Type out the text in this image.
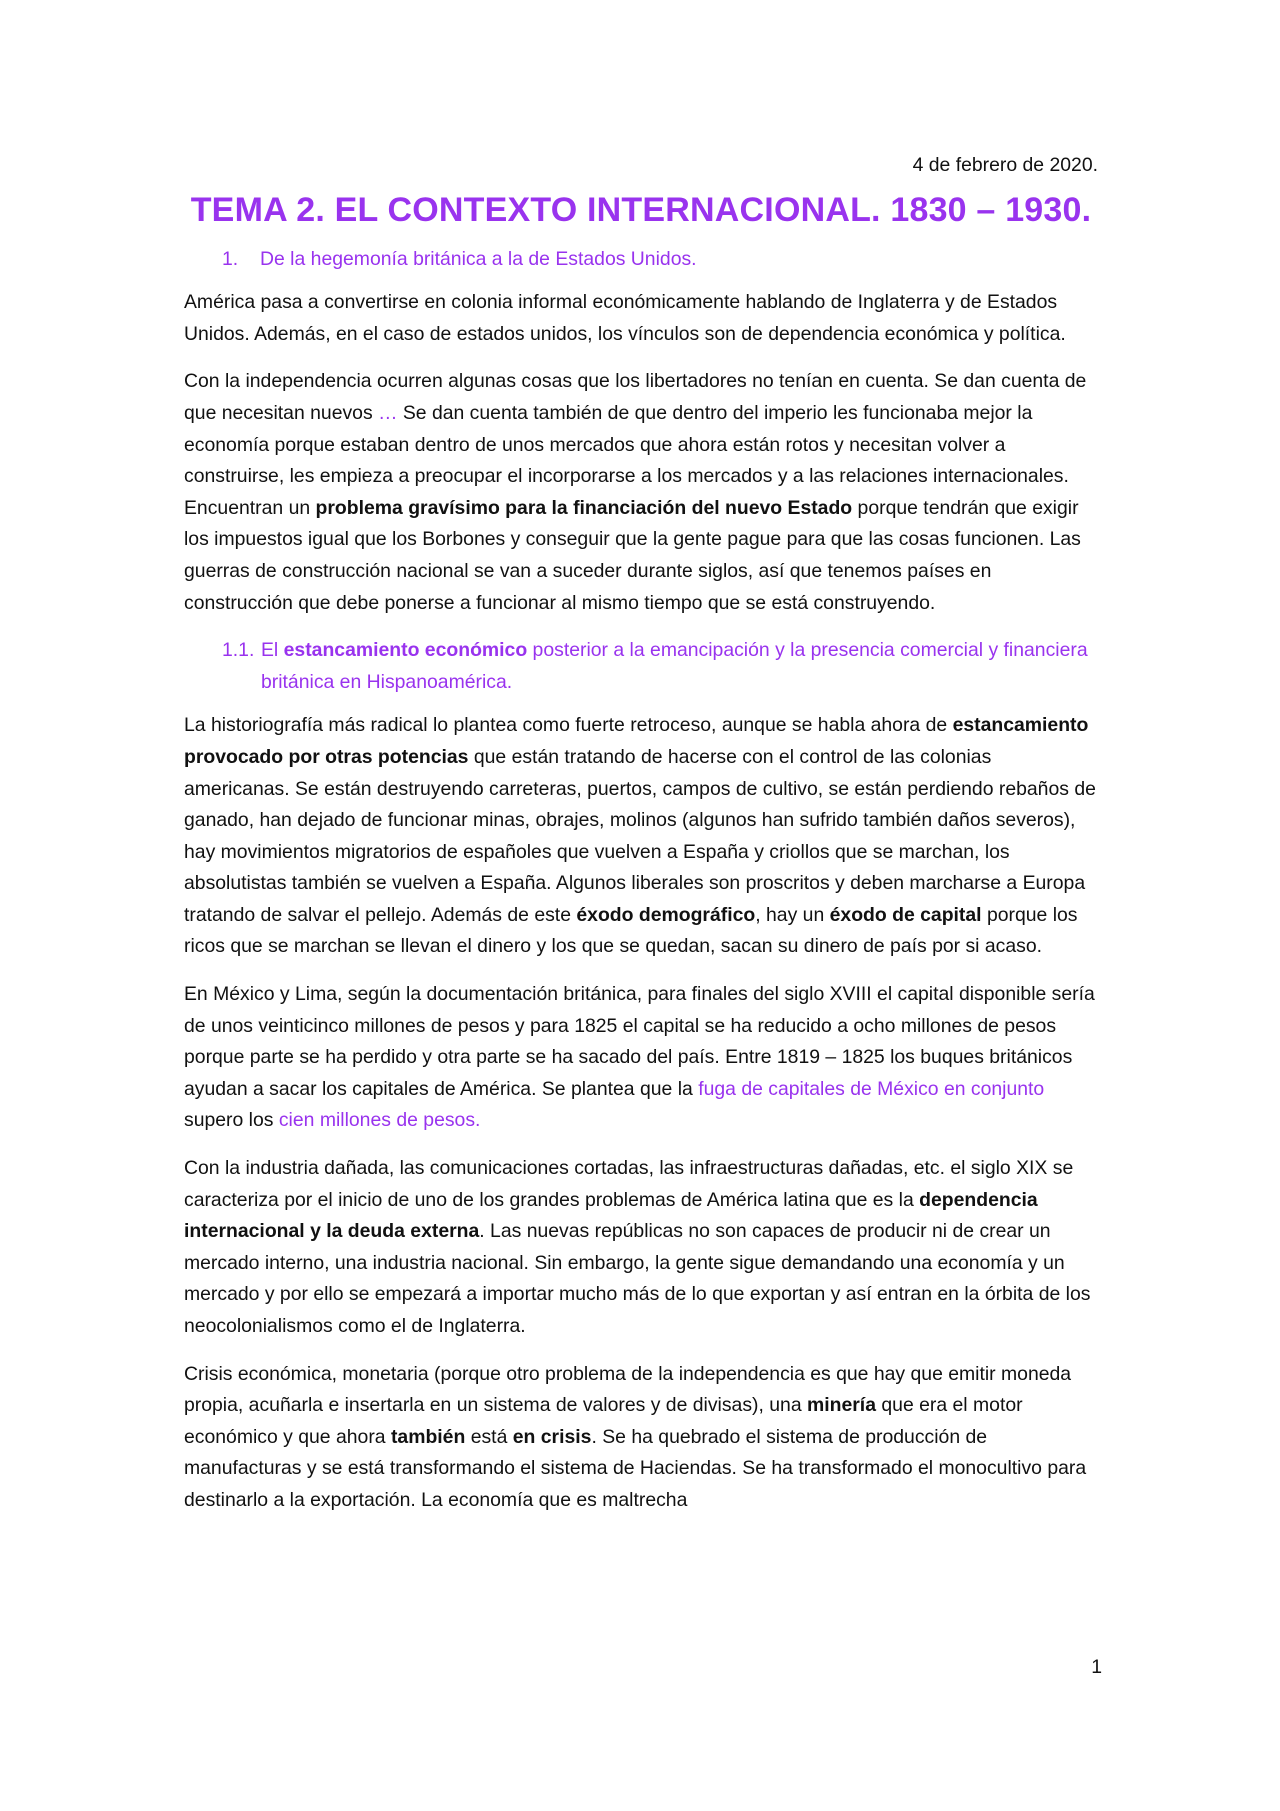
4 de febrero de 2020.
TEMA 2. EL CONTEXTO INTERNACIONAL. 1830 – 1930.
1.	De la hegemonía británica a la de Estados Unidos.

América pasa a convertirse en colonia informal económicamente hablando de Inglaterra y de Estados Unidos. Además, en el caso de estados unidos, los vínculos son de dependencia económica y política.

Con la independencia ocurren algunas cosas que los libertadores no tenían en cuenta. Se dan cuenta de que necesitan nuevos … Se dan cuenta también de que dentro del imperio les funcionaba mejor la economía porque estaban dentro de unos mercados que ahora están rotos y necesitan volver a construirse, les empieza a preocupar el incorporarse a los mercados y a las relaciones internacionales. Encuentran un problema gravísimo para la financiación del nuevo Estado porque tendrán que exigir los impuestos igual que los Borbones y conseguir que la gente pague para que las cosas funcionen. Las guerras de construcción nacional se van a suceder durante siglos, así que tenemos países en construcción que debe ponerse a funcionar al mismo tiempo que se está construyendo.

1.1. El estancamiento económico posterior a la emancipación y la presencia comercial y financiera británica en Hispanoamérica.

La historiografía más radical lo plantea como fuerte retroceso, aunque se habla ahora de estancamiento provocado por otras potencias que están tratando de hacerse con el control de las colonias americanas. Se están destruyendo carreteras, puertos, campos de cultivo, se están perdiendo rebaños de ganado, han dejado de funcionar minas, obrajes, molinos (algunos han sufrido también daños severos), hay movimientos migratorios de españoles que vuelven a España y criollos que se marchan, los absolutistas también se vuelven a España. Algunos liberales son proscritos y deben marcharse a Europa tratando de salvar el pellejo. Además de este éxodo demográfico, hay un éxodo de capital porque los ricos que se marchan se llevan el dinero y los que se quedan, sacan su dinero de país por si acaso.

En México y Lima, según la documentación británica, para finales del siglo XVIII el capital disponible sería de unos veinticinco millones de pesos y para 1825 el capital se ha reducido a ocho millones de pesos porque parte se ha perdido y otra parte se ha sacado del país. Entre 1819 – 1825 los buques británicos ayudan a sacar los capitales de América. Se plantea que la fuga de capitales de México en conjunto supero los cien millones de pesos.

Con la industria dañada, las comunicaciones cortadas, las infraestructuras dañadas, etc. el siglo XIX se caracteriza por el inicio de uno de los grandes problemas de América latina que es la dependencia internacional y la deuda externa. Las nuevas repúblicas no son capaces de producir ni de crear un mercado interno, una industria nacional. Sin embargo, la gente sigue demandando una economía y un mercado y por ello se empezará a importar mucho más de lo que exportan y así entran en la órbita de los neocolonialismos como el de Inglaterra.

Crisis económica, monetaria (porque otro problema de la independencia es que hay que emitir moneda propia, acuñarla e insertarla en un sistema de valores y de divisas), una minería que era el motor económico y que ahora también está en crisis. Se ha quebrado el sistema de producción de manufacturas y se está transformando el sistema de Haciendas. Se ha transformado el monocultivo para destinarlo a la exportación. La economía que es maltrecha

1
